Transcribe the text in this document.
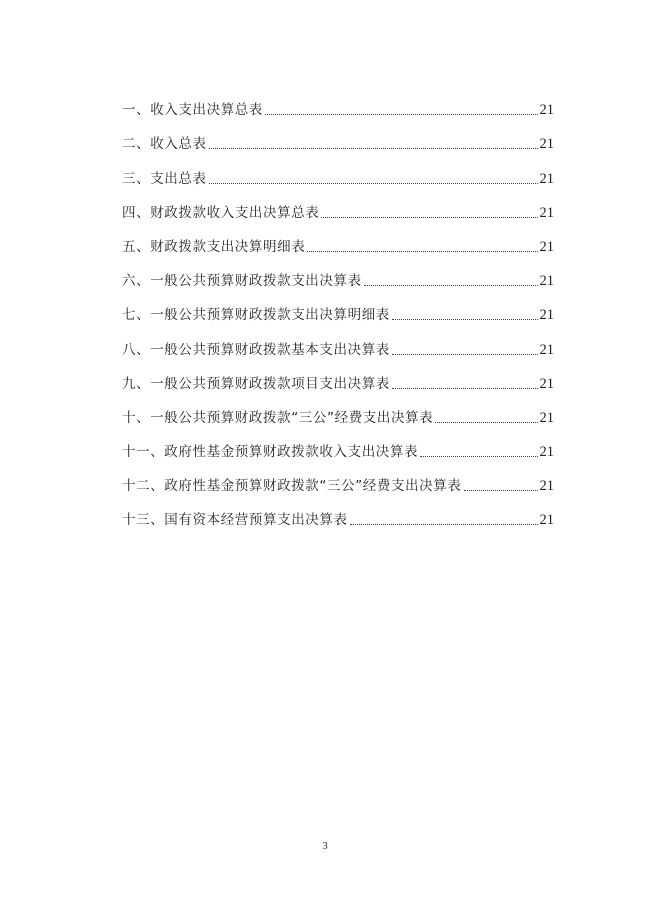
一、收入支出决算总表	21
二、收入总表	21
三、支出总表	21
四、财政拨款收入支出决算总表	21
五、财政拨款支出决算明细表	21
六、一般公共预算财政拨款支出决算表	21
七、一般公共预算财政拨款支出决算明细表	21
八、一般公共预算财政拨款基本支出决算表	21
九、一般公共预算财政拨款项目支出决算表	21
十、一般公共预算财政拨款“三公”经费支出决算表	21
十一、政府性基金预算财政拨款收入支出决算表	21
十二、政府性基金预算财政拨款“三公”经费支出决算表	21
十三、国有资本经营预算支出决算表	21
3
